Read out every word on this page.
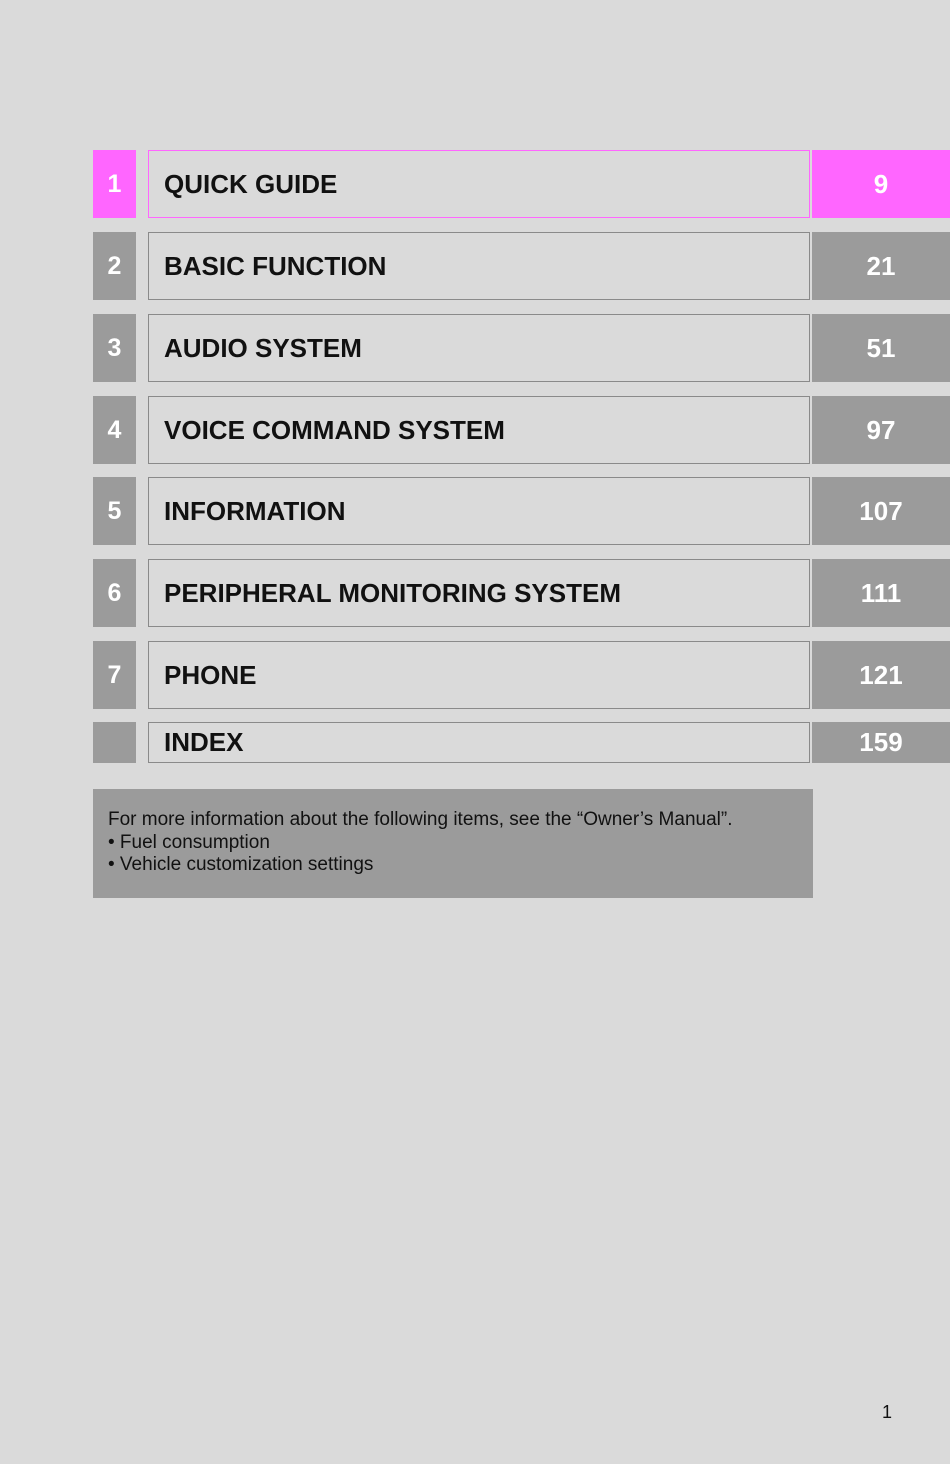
1	QUICK GUIDE	9
2	BASIC FUNCTION	21
3	AUDIO SYSTEM	51
4	VOICE COMMAND SYSTEM	97
5	INFORMATION	107
6	PERIPHERAL MONITORING SYSTEM	111
7	PHONE	121
INDEX	159
For more information about the following items, see the “Owner’s Manual”.
• Fuel consumption
• Vehicle customization settings
1
